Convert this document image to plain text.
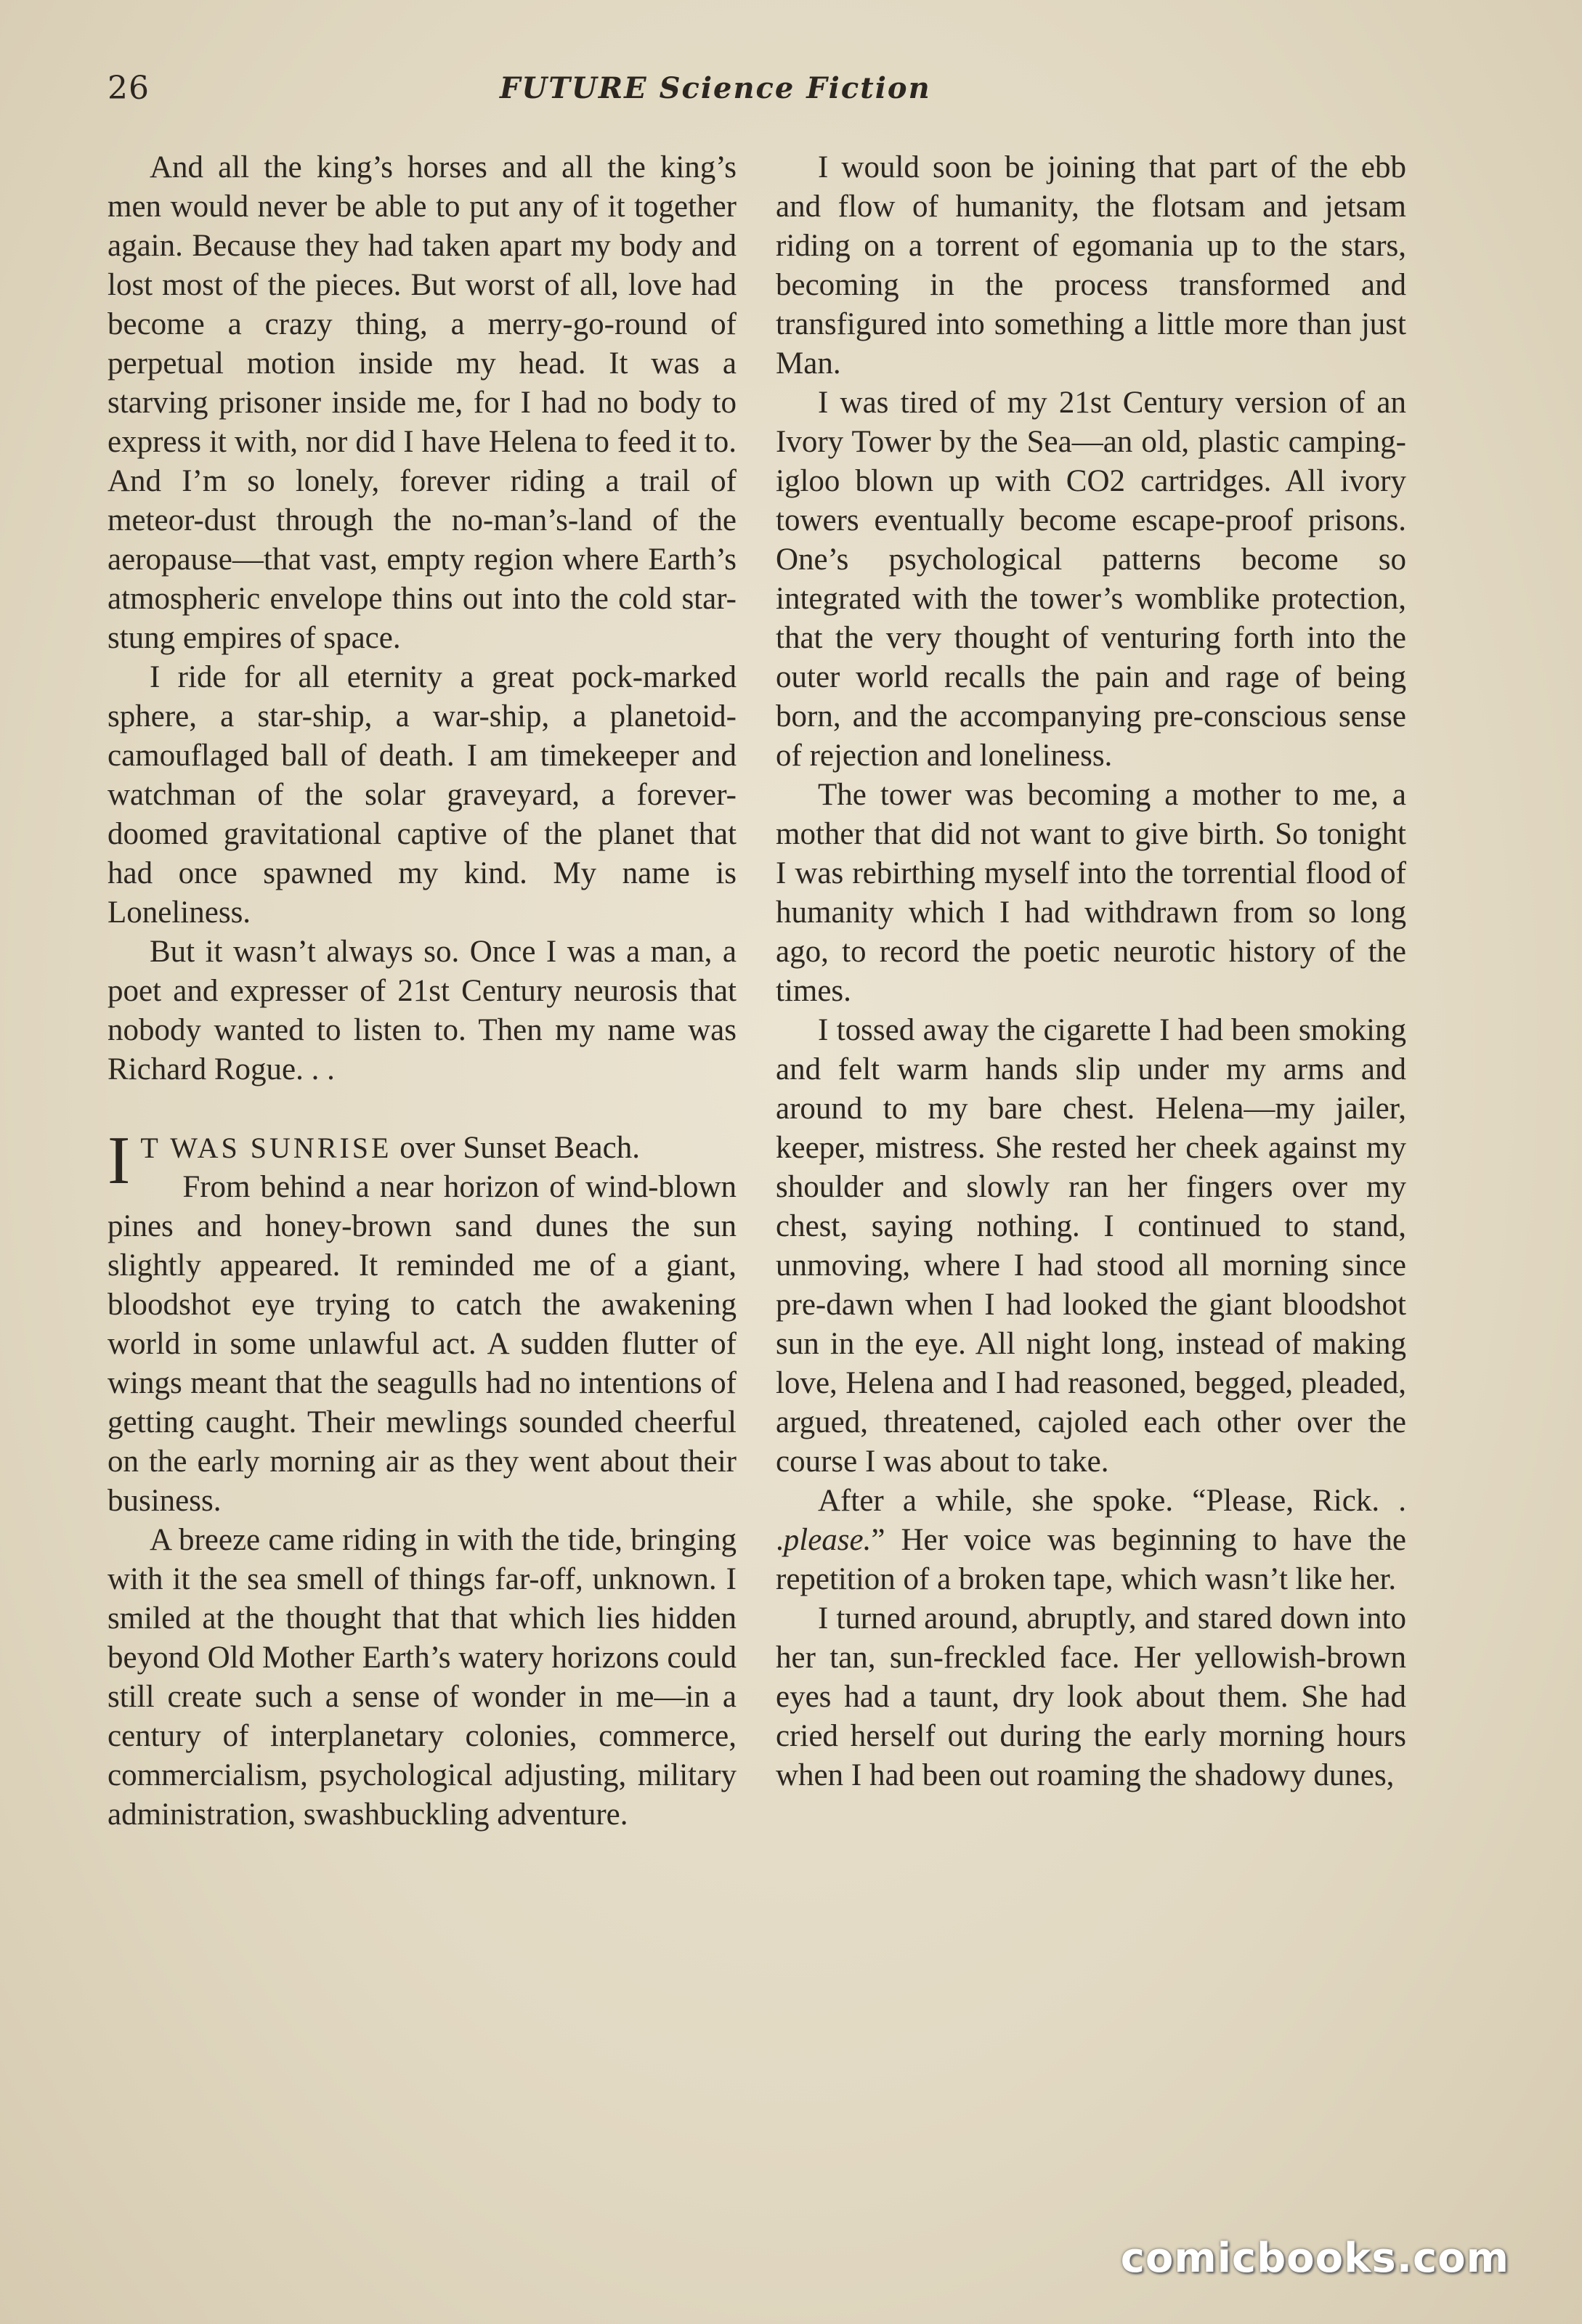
26	FUTURE Science Fiction

And all the king’s horses and all the king’s men would never be able to put any of it together again. Because they had taken apart my body and lost most of the pieces. But worst of all, love had become a crazy thing, a merry-go-round of perpetual motion inside my head. It was a starving prisoner inside me, for I had no body to express it with, nor did I have Helena to feed it to. And I’m so lonely, forever riding a trail of meteor-dust through the no-man’s-land of the aeropause—that vast, empty region where Earth’s atmospheric envelope thins out into the cold star-stung empires of space.

I ride for all eternity a great pock-marked sphere, a star-ship, a war-ship, a planetoid-camouflaged ball of death. I am timekeeper and watchman of the solar graveyard, a forever-doomed gravitational captive of the planet that had once spawned my kind. My name is Loneliness.

But it wasn’t always so. Once I was a man, a poet and expresser of 21st Century neurosis that nobody wanted to listen to. Then my name was Richard Rogue. . .

I T WAS SUNRISE over Sunset Beach.

From behind a near horizon of wind-blown pines and honey-brown sand dunes the sun slightly appeared. It reminded me of a giant, bloodshot eye trying to catch the awakening world in some unlawful act. A sudden flutter of wings meant that the seagulls had no intentions of getting caught. Their mewlings sounded cheerful on the early morning air as they went about their business.

A breeze came riding in with the tide, bringing with it the sea smell of things far-off, unknown. I smiled at the thought that that which lies hidden beyond Old Mother Earth’s watery horizons could still create such a sense of wonder in me—in a century of interplanetary colonies, commerce, commercialism, psychological adjusting, military administration, swashbuckling adventure.

I would soon be joining that part of the ebb and flow of humanity, the flotsam and jetsam riding on a torrent of egomania up to the stars, becoming in the process transformed and transfigured into something a little more than just Man.

I was tired of my 21st Century version of an Ivory Tower by the Sea—an old, plastic camping-igloo blown up with CO2 cartridges. All ivory towers eventually become escape-proof prisons. One’s psychological patterns become so integrated with the tower’s womblike protection, that the very thought of venturing forth into the outer world recalls the pain and rage of being born, and the accompanying pre-conscious sense of rejection and loneliness.

The tower was becoming a mother to me, a mother that did not want to give birth. So tonight I was rebirthing myself into the torrential flood of humanity which I had withdrawn from so long ago, to record the poetic neurotic history of the times.

I tossed away the cigarette I had been smoking and felt warm hands slip under my arms and around to my bare chest. Helena—my jailer, keeper, mistress. She rested her cheek against my shoulder and slowly ran her fingers over my chest, saying nothing. I continued to stand, unmoving, where I had stood all morning since pre-dawn when I had looked the giant bloodshot sun in the eye. All night long, instead of making love, Helena and I had reasoned, begged, pleaded, argued, threatened, cajoled each other over the course I was about to take.

After a while, she spoke. “Please, Rick. . .please.” Her voice was beginning to have the repetition of a broken tape, which wasn’t like her.

I turned around, abruptly, and stared down into her tan, sun-freckled face. Her yellowish-brown eyes had a taunt, dry look about them. She had cried herself out during the early morning hours when I had been out roaming the shadowy dunes,

comicbooks.com
